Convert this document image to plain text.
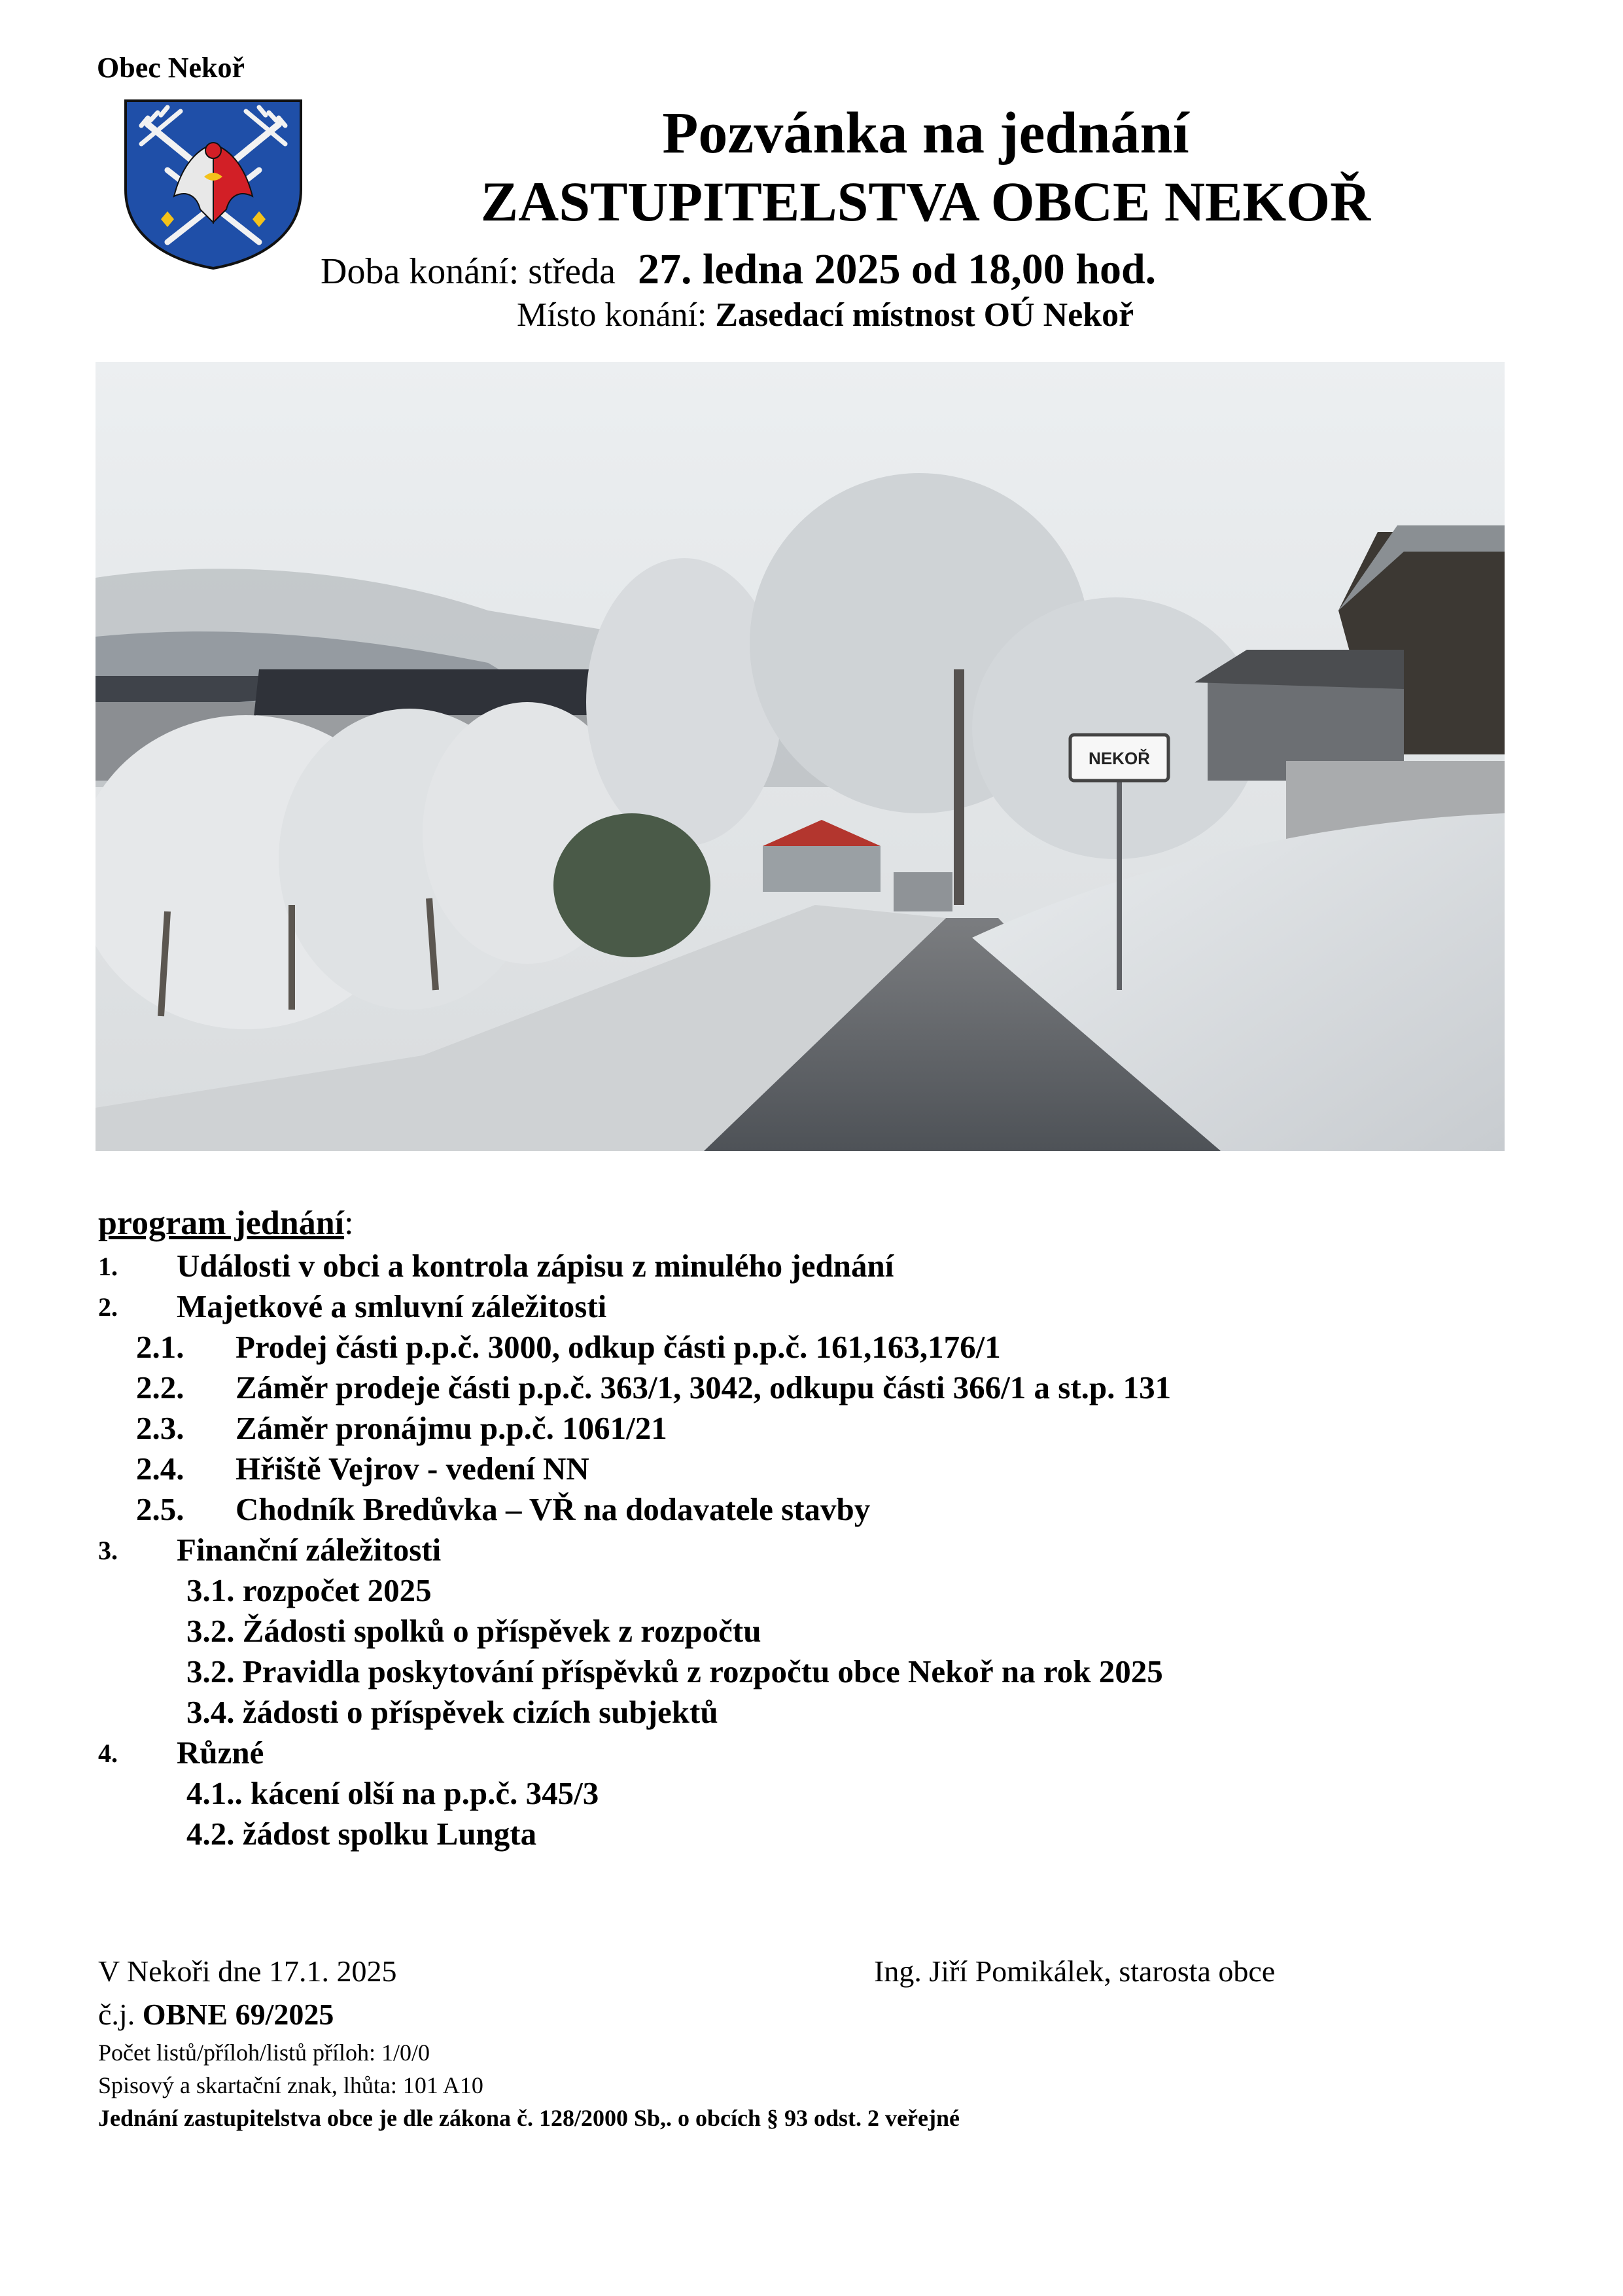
Obec Nekoř
Pozvánka na jednání
ZASTUPITELSTVA OBCE NEKOŘ
Doba konání: středa 27. ledna 2025 od 18,00 hod.
Místo konání: Zasedací místnost OÚ Nekoř
NEKOŘ
program jednání:
1. Události v obci a kontrola zápisu z minulého jednání
2. Majetkové a smluvní záležitosti
2.1. Prodej části p.p.č. 3000, odkup části p.p.č. 161,163,176/1
2.2. Záměr prodeje části p.p.č. 363/1, 3042, odkupu části 366/1 a st.p. 131
2.3. Záměr pronájmu p.p.č. 1061/21
2.4. Hřiště Vejrov - vedení NN
2.5. Chodník Bredůvka – VŘ na dodavatele stavby
3. Finanční záležitosti
3.1. rozpočet 2025
3.2. Žádosti spolků o příspěvek z rozpočtu
3.2. Pravidla poskytování příspěvků z rozpočtu obce Nekoř na rok 2025
3.4. žádosti o příspěvek cizích subjektů
4. Různé
4.1.. kácení olší na p.p.č. 345/3
4.2. žádost spolku Lungta
V Nekoři dne 17.1. 2025	Ing. Jiří Pomikálek, starosta obce
č.j. OBNE 69/2025
Počet listů/příloh/listů příloh: 1/0/0
Spisový a skartační znak, lhůta: 101 A10
Jednání zastupitelstva obce je dle zákona č. 128/2000 Sb,. o obcích § 93 odst. 2 veřejné
